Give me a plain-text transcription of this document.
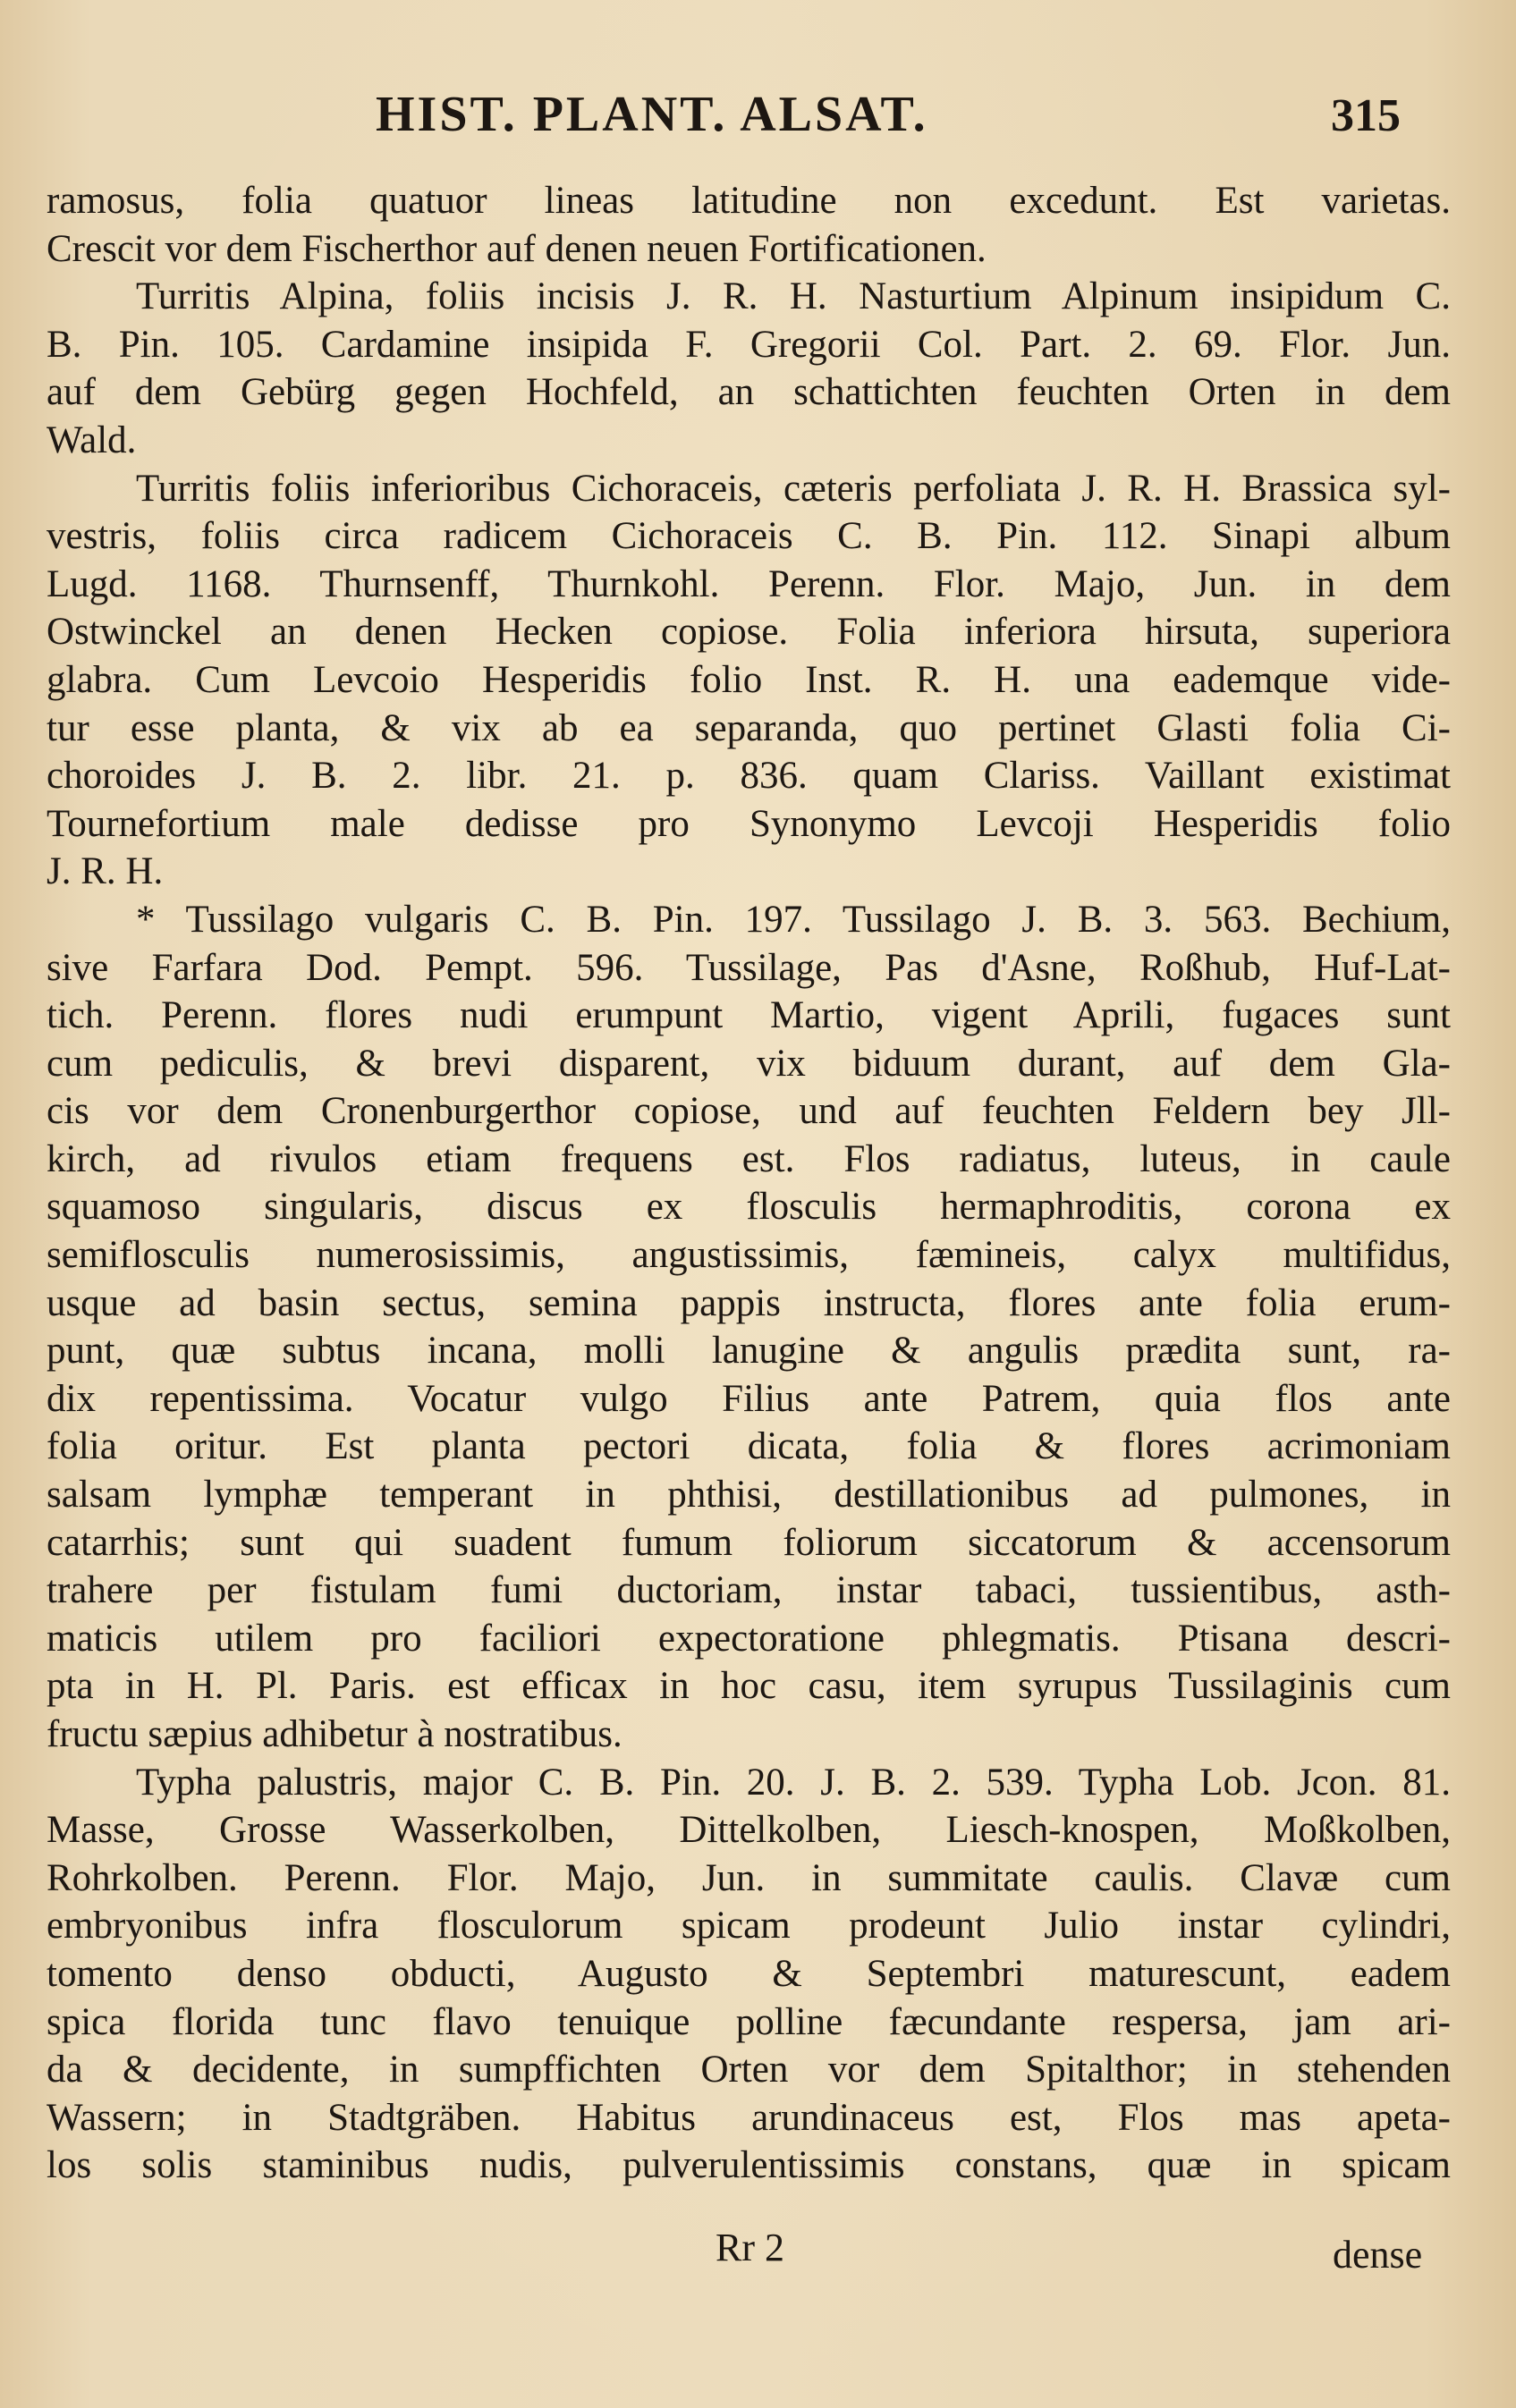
HIST. PLANT. ALSAT.	315
ramosus, folia quatuor lineas latitudine non excedunt. Est varietas.
Crescit vor dem Fischerthor auf denen neuen Fortificationen.
Turritis Alpina, foliis incisis J. R. H. Nasturtium Alpinum insipidum C.
B. Pin. 105. Cardamine insipida F. Gregorii Col. Part. 2. 69. Flor. Jun.
auf dem Gebürg gegen Hochfeld, an schattichten feuchten Orten in dem
Wald.
Turritis foliis inferioribus Cichoraceis, cæteris perfoliata J. R. H. Brassica syl-
vestris, foliis circa radicem Cichoraceis C. B. Pin. 112. Sinapi album
Lugd. 1168. Thurnsenff, Thurnkohl. Perenn. Flor. Majo, Jun. in dem
Ostwinckel an denen Hecken copiose. Folia inferiora hirsuta, superiora
glabra. Cum Levcoio Hesperidis folio Inst. R. H. una eademque vide-
tur esse planta, & vix ab ea separanda, quo pertinet Glasti folia Ci-
choroides J. B. 2. libr. 21. p. 836. quam Clariss. Vaillant existimat
Tournefortium male dedisse pro Synonymo Levcoji Hesperidis folio
J. R. H.
* Tussilago vulgaris C. B. Pin. 197. Tussilago J. B. 3. 563. Bechium,
sive Farfara Dod. Pempt. 596. Tussilage, Pas d'Asne, Roßhub, Huf-Lat-
tich. Perenn. flores nudi erumpunt Martio, vigent Aprili, fugaces sunt
cum pediculis, & brevi disparent, vix biduum durant, auf dem Gla-
cis vor dem Cronenburgerthor copiose, und auf feuchten Feldern bey Jll-
kirch, ad rivulos etiam frequens est. Flos radiatus, luteus, in caule
squamoso singularis, discus ex flosculis hermaphroditis, corona ex
semiflosculis numerosissimis, angustissimis, fæmineis, calyx multifidus,
usque ad basin sectus, semina pappis instructa, flores ante folia erum-
punt, quæ subtus incana, molli lanugine & angulis prædita sunt, ra-
dix repentissima. Vocatur vulgo Filius ante Patrem, quia flos ante
folia oritur. Est planta pectori dicata, folia & flores acrimoniam
salsam lymphæ temperant in phthisi, destillationibus ad pulmones, in
catarrhis; sunt qui suadent fumum foliorum siccatorum & accensorum
trahere per fistulam fumi ductoriam, instar tabaci, tussientibus, asth-
maticis utilem pro faciliori expectoratione phlegmatis. Ptisana descri-
pta in H. Pl. Paris. est efficax in hoc casu, item syrupus Tussilaginis cum
fructu sæpius adhibetur à nostratibus.
Typha palustris, major C. B. Pin. 20. J. B. 2. 539. Typha Lob. Jcon. 81.
Masse, Grosse Wasserkolben, Dittelkolben, Liesch-knospen, Moßkolben,
Rohrkolben. Perenn. Flor. Majo, Jun. in summitate caulis. Clavæ cum
embryonibus infra flosculorum spicam prodeunt Julio instar cylindri,
tomento denso obducti, Augusto & Septembri maturescunt, eadem
spica florida tunc flavo tenuique polline fæcundante respersa, jam ari-
da & decidente, in sumpffichten Orten vor dem Spitalthor; in stehenden
Wassern; in Stadtgräben. Habitus arundinaceus est, Flos mas apeta-
los solis staminibus nudis, pulverulentissimis constans, quæ in spicam
Rr 2	dense
